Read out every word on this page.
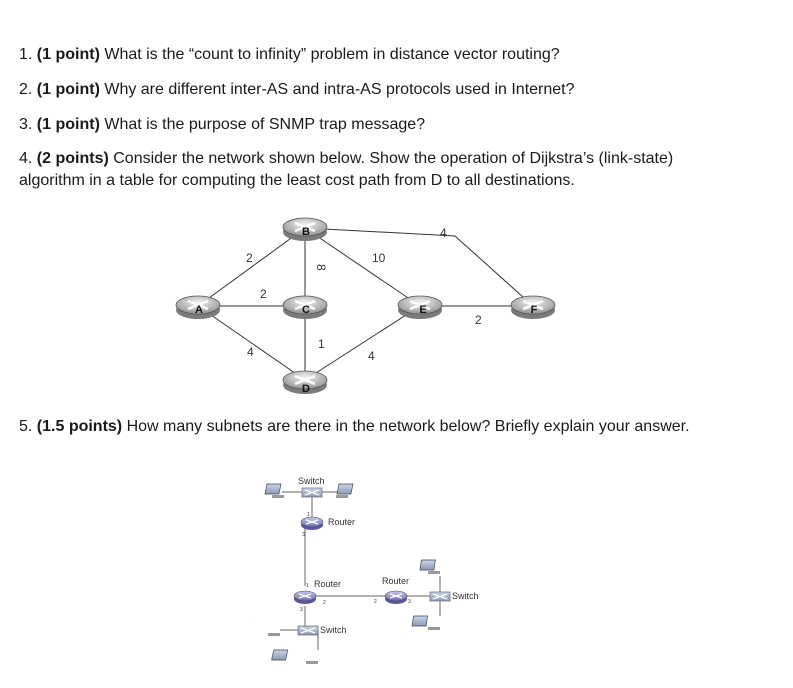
1. (1 point) What is the “count to infinity” problem in distance vector routing?

2. (1 point) Why are different inter-AS and intra-AS protocols used in Internet?

3. (1 point) What is the purpose of SNMP trap message?

4. (2 points) Consider the network shown below. Show the operation of Dijkstra’s (link-state) algorithm in a table for computing the least cost path from D to all destinations.

2
2
4
8
10
4
1
4
2
A
B
C
D
E	F

5. (1.5 points) How many subnets are there in the network below? Briefly explain your answer.

Switch
Router
1
3
Router
1
2
3
Router
2	3
Switch
Switch
